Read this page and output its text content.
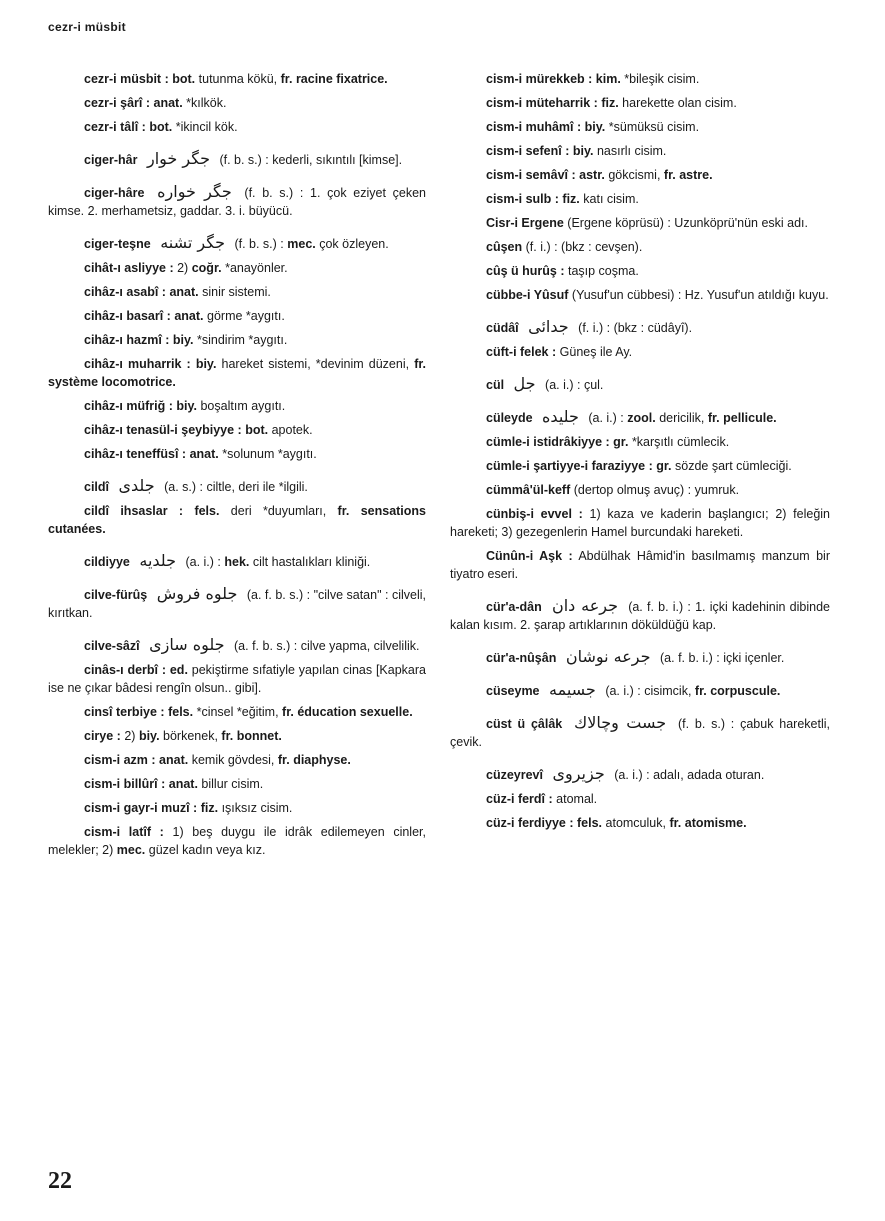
cezr-i müsbit

cezr-i müsbit : bot. tutunma kökü, fr. racine fixatrice.

cezr-i şârî : anat. *kılkök.

cezr-i tâlî : bot. *ikincil kök.

ciger-hâr جگر خوار (f. b. s.) : kederli, sıkıntılı [kimse].

ciger-hâre جگر خواره (f. b. s.) : 1. çok eziyet çeken kimse. 2. merhametsiz, gaddar. 3. i. büyücü.

ciger-teşne جگر تشنه (f. b. s.) : mec. çok özleyen.

cihât-ı asliyye : 2) coğr. *anayönler.

cihâz-ı asabî : anat. sinir sistemi.

cihâz-ı basarî : anat. görme *aygıtı.

cihâz-ı hazmî : biy. *sindirim *aygıtı.

cihâz-ı muharrik : biy. hareket sistemi, *devinim düzeni, fr. système locomotrice.

cihâz-ı müfriğ : biy. boşaltım aygıtı.

cihâz-ı tenasül-i şeybiyye : bot. apotek.

cihâz-ı teneffüsî : anat. *solunum *aygıtı.

cildî جلدى (a. s.) : ciltle, deri ile *ilgili.

cildî ihsaslar : fels. deri *duyumları, fr. sensations cutanées.

cildiyye جلديه (a. i.) : hek. cilt hastalıkları kliniği.

cilve-fürûş جلوه فروش (a. f. b. s.) : "cilve satan" : cilveli, kırıtkan.

cilve-sâzî جلوه سازى (a. f. b. s.) : cilve yapma, cilvelilik.

cinâs-ı derbî : ed. pekiştirme sıfatiyle yapılan cinas [Kapkara ise ne çıkar bâdesi rengîn olsun.. gibi].

cinsî terbiye : fels. *cinsel *eğitim, fr. éducation sexuelle.

cirye : 2) biy. börkenek, fr. bonnet.

cism-i azm : anat. kemik gövdesi, fr. diaphyse.

cism-i billûrî : anat. billur cisim.

cism-i gayr-i muzî : fiz. ışıksız cisim.

cism-i latîf : 1) beş duygu ile idrâk edilemeyen cinler, melekler; 2) mec. güzel kadın veya kız.

cism-i mürekkeb : kim. *bileşik cisim.

cism-i müteharrik : fiz. harekette olan cisim.

cism-i muhâmî : biy. *sümüksü cisim.

cism-i sefenî : biy. nasırlı cisim.

cism-i semâvî : astr. gökcismi, fr. astre.

cism-i sulb : fiz. katı cisim.

Cisr-i Ergene (Ergene köprüsü) : Uzunköprü'nün eski adı.

cûşen (f. i.) : (bkz : cevşen).

cûş ü hurûş : taşıp coşma.

cübbe-i Yûsuf (Yusuf'un cübbesi) : Hz. Yusuf'un atıldığı kuyu.

cüdâî جدائى (f. i.) : (bkz : cüdâyî).

cüft-i felek : Güneş ile Ay.

cül جل (a. i.) : çul.

cüleyde جليده (a. i.) : zool. dericilik, fr. pellicule.

cümle-i istidrâkiyye : gr. *karşıtlı cümlecik.

cümle-i şartiyye-i faraziyye : gr. sözde şart cümleciği.

cümmâ'ül-keff (dertop olmuş avuç) : yumruk.

cünbiş-i evvel : 1) kaza ve kaderin başlangıcı; 2) feleğin hareketi; 3) gezegenlerin Hamel burcundaki hareketi.

Cünûn-i Aşk : Abdülhak Hâmid'in basılmamış manzum bir tiyatro eseri.

cür'a-dân جرعه دان (a. f. b. i.) : 1. içki kadehinin dibinde kalan kısım. 2. şarap artıklarının döküldüğü kap.

cür'a-nûşân جرعه نوشان (a. f. b. i.) : içki içenler.

cüseyme جسيمه (a. i.) : cisimcik, fr. corpuscule.

cüst ü çâlâk جست وچالاك (f. b. s.) : çabuk hareketli, çevik.

cüzeyrevî جزيروى (a. i.) : adalı, adada oturan.

cüz-i ferdî : atomal.

cüz-i ferdiyye : fels. atomculuk, fr. atomisme.

22
